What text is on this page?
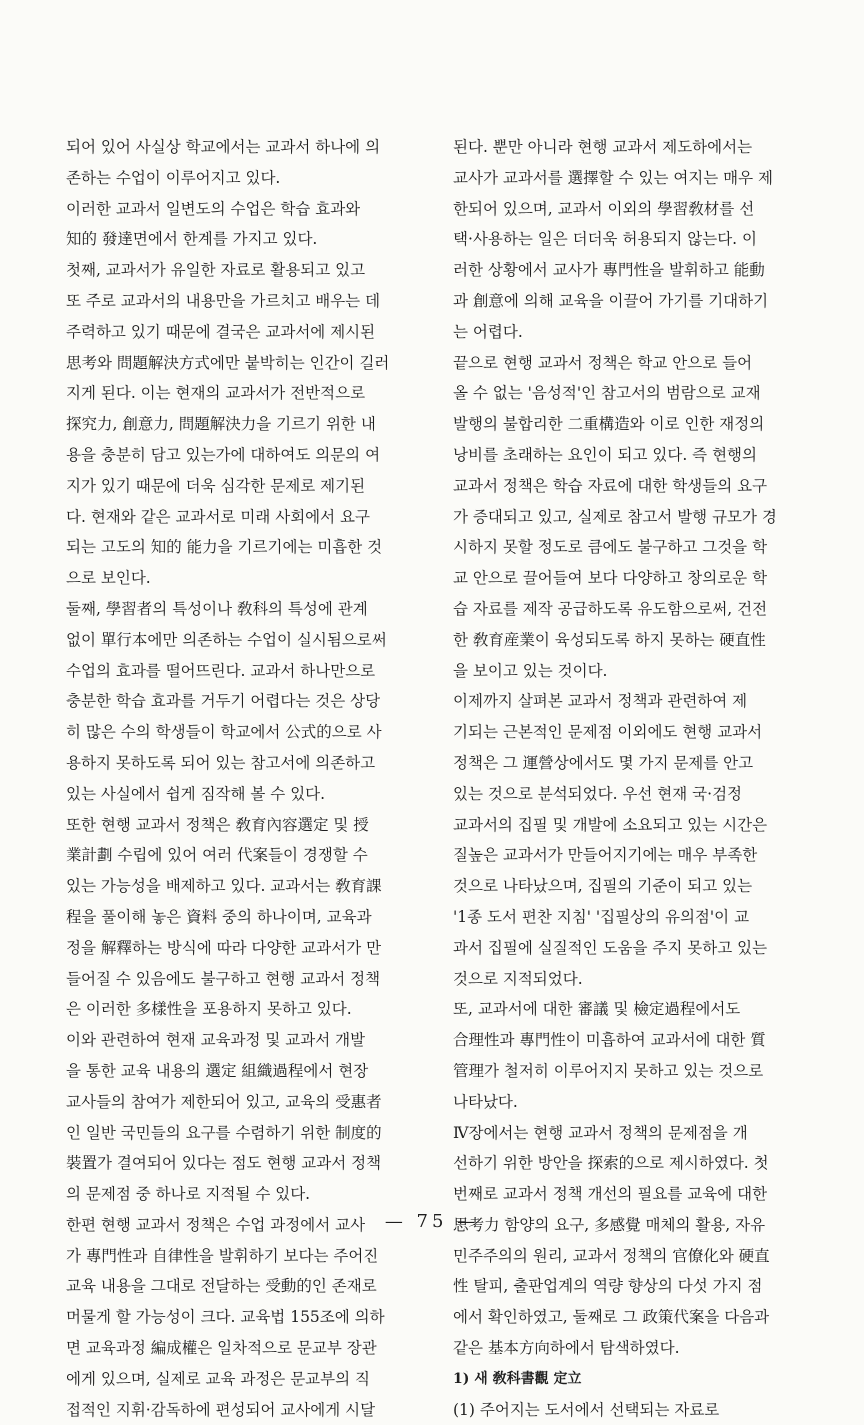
되어 있어 사실상 학교에서는 교과서 하나에 의
존하는 수업이 이루어지고 있다.
이러한 교과서 일변도의 수업은 학습 효과와
知的 發達면에서 한계를 가지고 있다.
첫째, 교과서가 유일한 자료로 활용되고 있고
또 주로 교과서의 내용만을 가르치고 배우는 데
주력하고 있기 때문에 결국은 교과서에 제시된
思考와 問題解決方式에만 붙박히는 인간이 길러
지게 된다. 이는 현재의 교과서가 전반적으로
探究力, 創意力, 問題解決力을 기르기 위한 내
용을 충분히 담고 있는가에 대하여도 의문의 여
지가 있기 때문에 더욱 심각한 문제로 제기된
다. 현재와 같은 교과서로 미래 사회에서 요구
되는 고도의 知的 能力을 기르기에는 미흡한 것
으로 보인다.
둘째, 學習者의 특성이나 敎科의 특성에 관계
없이 單行本에만 의존하는 수업이 실시됨으로써
수업의 효과를 떨어뜨린다. 교과서 하나만으로
충분한 학습 효과를 거두기 어렵다는 것은 상당
히 많은 수의 학생들이 학교에서 公式的으로 사
용하지 못하도록 되어 있는 참고서에 의존하고
있는 사실에서 쉽게 짐작해 볼 수 있다.
또한 현행 교과서 정책은 敎育內容選定 및 授
業計劃 수립에 있어 여러 代案들이 경쟁할 수
있는 가능성을 배제하고 있다. 교과서는 敎育課
程을 풀이해 놓은 資料 중의 하나이며, 교육과
정을 解釋하는 방식에 따라 다양한 교과서가 만
들어질 수 있음에도 불구하고 현행 교과서 정책
은 이러한 多樣性을 포용하지 못하고 있다.
이와 관련하여 현재 교육과정 및 교과서 개발
을 통한 교육 내용의 選定 組織過程에서 현장
교사들의 참여가 제한되어 있고, 교육의 受惠者
인 일반 국민들의 요구를 수렴하기 위한 制度的
裝置가 결여되어 있다는 점도 현행 교과서 정책
의 문제점 중 하나로 지적될 수 있다.
한편 현행 교과서 정책은 수업 과정에서 교사
가 專門性과 自律性을 발휘하기 보다는 주어진
교육 내용을 그대로 전달하는 受動的인 존재로
머물게 할 가능성이 크다. 교육법 155조에 의하
면 교육과정 編成權은 일차적으로 문교부 장관
에게 있으며, 실제로 교육 과정은 문교부의 직
접적인 지휘·감독하에 편성되어 교사에게 시달
된다. 뿐만 아니라 현행 교과서 제도하에서는
교사가 교과서를 選擇할 수 있는 여지는 매우 제
한되어 있으며, 교과서 이외의 學習敎材를 선
택·사용하는 일은 더더욱 허용되지 않는다. 이
러한 상황에서 교사가 專門性을 발휘하고 能動
과 創意에 의해 교육을 이끌어 가기를 기대하기
는 어렵다.
끝으로 현행 교과서 정책은 학교 안으로 들어
올 수 없는 '음성적'인 참고서의 범람으로 교재
발행의 불합리한 二重構造와 이로 인한 재정의
낭비를 초래하는 요인이 되고 있다. 즉 현행의
교과서 정책은 학습 자료에 대한 학생들의 요구
가 증대되고 있고, 실제로 참고서 발행 규모가 경
시하지 못할 정도로 큼에도 불구하고 그것을 학
교 안으로 끌어들여 보다 다양하고 창의로운 학
습 자료를 제작 공급하도록 유도함으로써, 건전
한 敎育産業이 육성되도록 하지 못하는 硬直性
을 보이고 있는 것이다.
이제까지 살펴본 교과서 정책과 관련하여 제
기되는 근본적인 문제점 이외에도 현행 교과서
정책은 그 運營상에서도 몇 가지 문제를 안고
있는 것으로 분석되었다. 우선 현재 국·검정
교과서의 집필 및 개발에 소요되고 있는 시간은
질높은 교과서가 만들어지기에는 매우 부족한
것으로 나타났으며, 집필의 기준이 되고 있는
'1종 도서 편찬 지침' '집필상의 유의점'이 교
과서 집필에 실질적인 도움을 주지 못하고 있는
것으로 지적되었다.
또, 교과서에 대한 審議 및 檢定過程에서도
合理性과 專門性이 미흡하여 교과서에 대한 質
管理가 철저히 이루어지지 못하고 있는 것으로
나타났다.
Ⅳ장에서는 현행 교과서 정책의 문제점을 개
선하기 위한 방안을 探索的으로 제시하였다. 첫
번째로 교과서 정책 개선의 필요를 교육에 대한
思考力 함양의 요구, 多感覺 매체의 활용, 자유
민주주의의 원리, 교과서 정책의 官僚化와 硬直
性 탈피, 출판업계의 역량 향상의 다섯 가지 점
에서 확인하였고, 둘째로 그 政策代案을 다음과
같은 基本方向하에서 탐색하였다.
1) 새 敎科書觀 定立
(1) 주어지는 도서에서 선택되는 자료로
— 75 —
